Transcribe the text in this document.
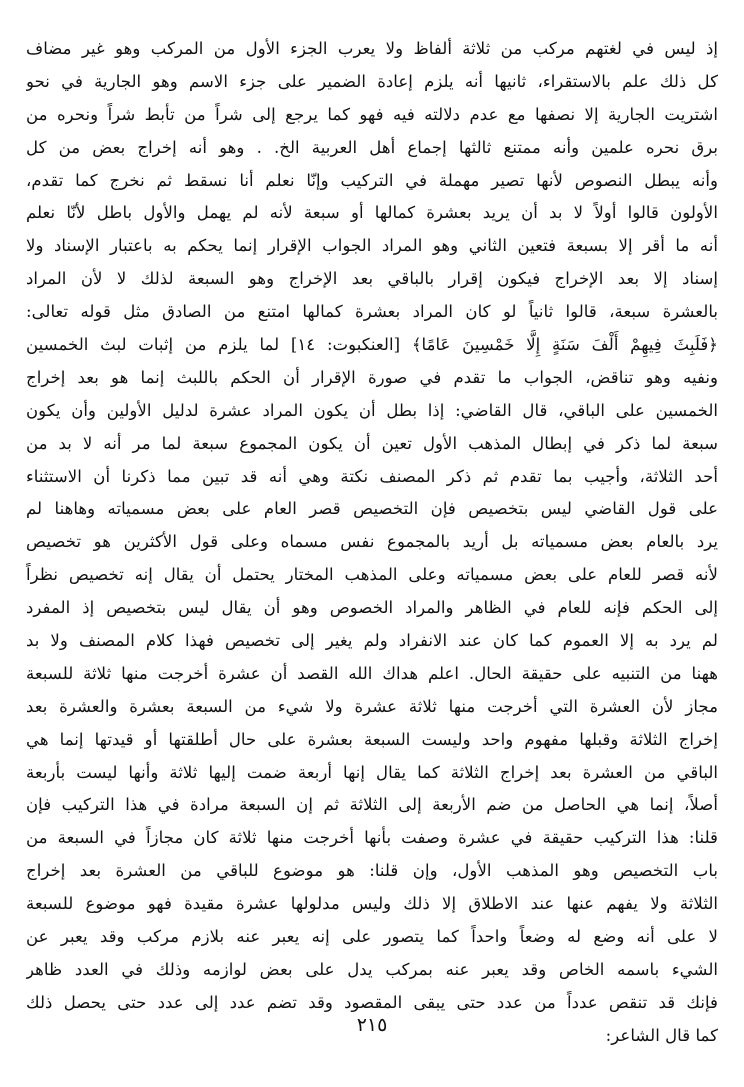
إذ ليس في لغتهم مركب من ثلاثة ألفاظ ولا يعرب الجزء الأول من المركب وهو غير مضاف
كل ذلك علم بالاستقراء، ثانيها أنه يلزم إعادة الضمير على جزء الاسم وهو الجارية في نحو
اشتريت الجارية إلا نصفها مع عدم دلالته فيه فهو كما يرجع إلى شراً من تأبط شراً ونحره من
برق نحره علمين وأنه ممتنع ثالثها إجماع أهل العربية الخ. . وهو أنه إخراج بعض من كل
وأنه يبطل النصوص لأنها تصير مهملة في التركيب وإنّا نعلم أنا نسقط ثم نخرج كما تقدم،
الأولون قالوا أولاً لا بد أن يريد بعشرة كمالها أو سبعة لأنه لم يهمل والأول باطل لأنّا نعلم
أنه ما أقر إلا بسبعة فتعين الثاني وهو المراد الجواب الإقرار إنما يحكم به باعتبار الإسناد ولا
إسناد إلا بعد الإخراج فيكون إقرار بالباقي بعد الإخراج وهو السبعة لذلك لا لأن المراد
بالعشرة سبعة، قالوا ثانياً لو كان المراد بعشرة كمالها امتنع من الصادق مثل قوله تعالى:
﴿فَلَبِثَ فِيهِمْ أَلْفَ سَنَةٍ إِلَّا خَمْسِينَ عَامًا﴾ [العنكبوت: ١٤] لما يلزم من إثبات لبث الخمسين
ونفيه وهو تناقض، الجواب ما تقدم في صورة الإقرار أن الحكم باللبث إنما هو بعد إخراج
الخمسين على الباقي، قال القاضي: إذا بطل أن يكون المراد عشرة لدليل الأولين وأن يكون
سبعة لما ذكر في إبطال المذهب الأول تعين أن يكون المجموع سبعة لما مر أنه لا بد من
أحد الثلاثة، وأجيب بما تقدم ثم ذكر المصنف نكتة وهي أنه قد تبين مما ذكرنا أن الاستثناء
على قول القاضي ليس بتخصيص فإن التخصيص قصر العام على بعض مسمياته وهاهنا لم
يرد بالعام بعض مسمياته بل أريد بالمجموع نفس مسماه وعلى قول الأكثرين هو تخصيص
لأنه قصر للعام على بعض مسمياته وعلى المذهب المختار يحتمل أن يقال إنه تخصيص نظراً
إلى الحكم فإنه للعام في الظاهر والمراد الخصوص وهو أن يقال ليس بتخصيص إذ المفرد
لم يرد به إلا العموم كما كان عند الانفراد ولم يغير إلى تخصيص فهذا كلام المصنف ولا بد
ههنا من التنبيه على حقيقة الحال. اعلم هداك الله القصد أن عشرة أخرجت منها ثلاثة للسبعة
مجاز لأن العشرة التي أخرجت منها ثلاثة عشرة ولا شيء من السبعة بعشرة والعشرة بعد
إخراج الثلاثة وقبلها مفهوم واحد وليست السبعة بعشرة على حال أطلقتها أو قيدتها إنما هي
الباقي من العشرة بعد إخراج الثلاثة كما يقال إنها أربعة ضمت إليها ثلاثة وأنها ليست بأربعة
أصلاً، إنما هي الحاصل من ضم الأربعة إلى الثلاثة ثم إن السبعة مرادة في هذا التركيب فإن
قلنا: هذا التركيب حقيقة في عشرة وصفت بأنها أخرجت منها ثلاثة كان مجازاً في السبعة من
باب التخصيص وهو المذهب الأول، وإن قلنا: هو موضوع للباقي من العشرة بعد إخراج
الثلاثة ولا يفهم عنها عند الاطلاق إلا ذلك وليس مدلولها عشرة مقيدة فهو موضوع للسبعة
لا على أنه وضع له وضعاً واحداً كما يتصور على إنه يعبر عنه بلازم مركب وقد يعبر عن
الشيء باسمه الخاص وقد يعبر عنه بمركب يدل على بعض لوازمه وذلك في العدد ظاهر
فإنك قد تنقص عدداً من عدد حتى يبقى المقصود وقد تضم عدد إلى عدد حتى يحصل ذلك
كما قال الشاعر:
٢١٥
